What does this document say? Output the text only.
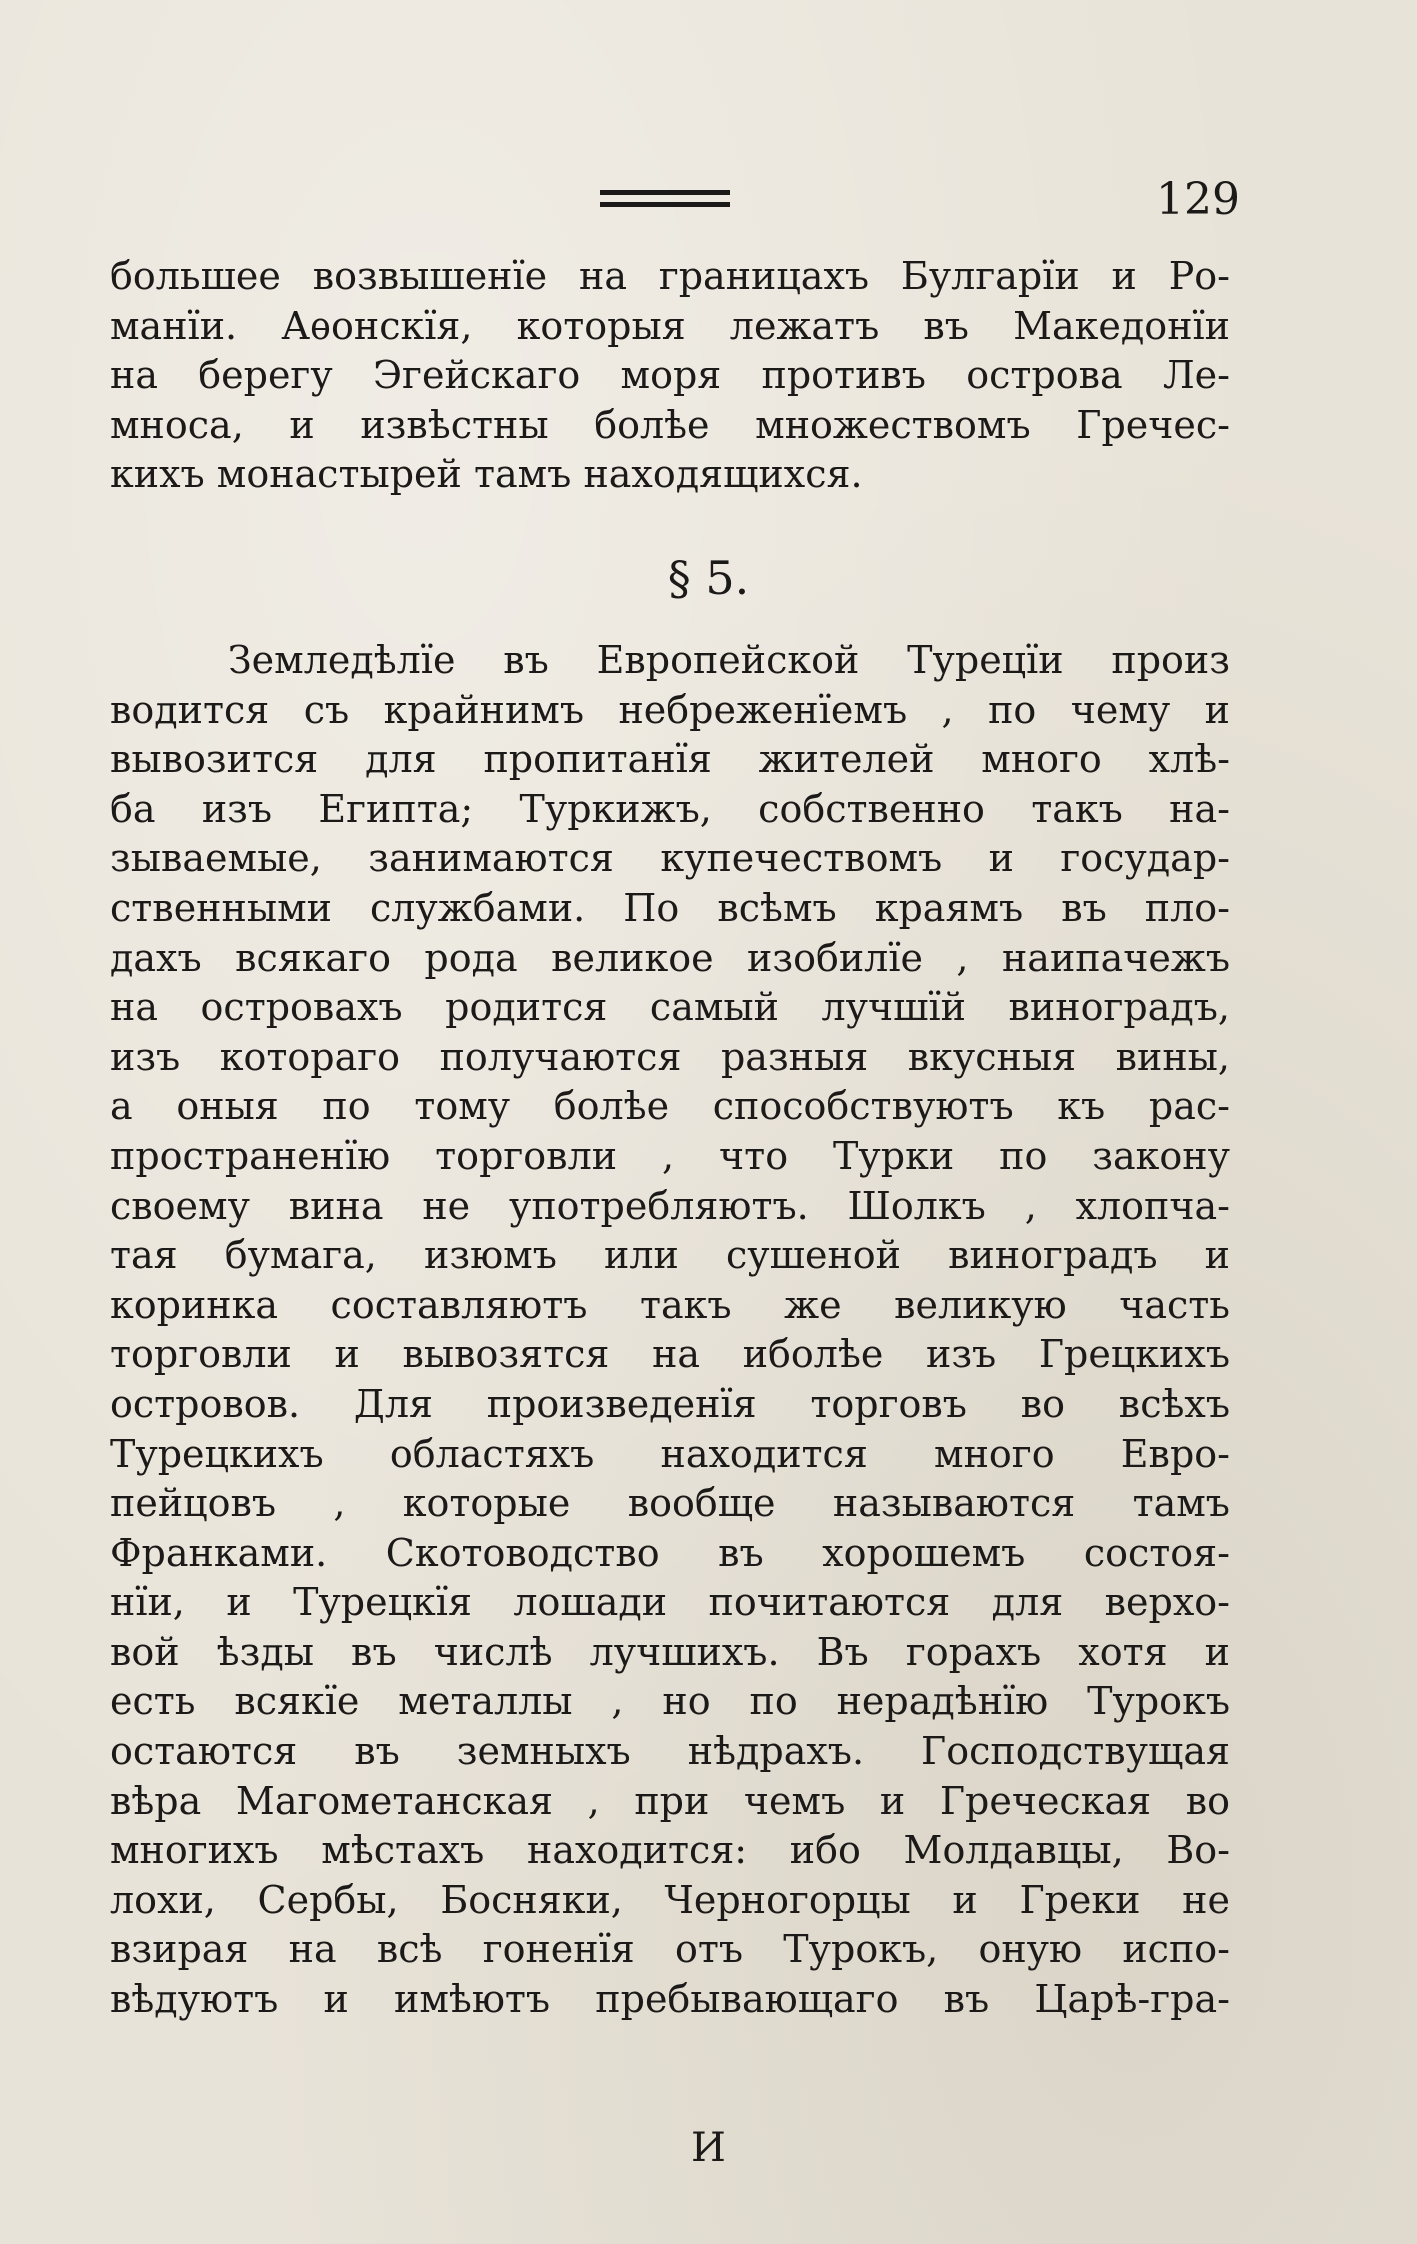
129
большее возвышенїе на границахъ Булгарїи и Ро-
манїи. Аѳонскїя, которыя лежатъ въ Македонїи
на берегу Эгейскаго моря противъ острова Ле-
мноса, и извѣстны болѣе множествомъ Гречес-
кихъ монастырей тамъ находящихся.
§ 5.
Земледѣлїе въ Европейской Турецїи произ
водится съ крайнимъ небреженїемъ , по чему и
вывозится для пропитанїя жителей много хлѣ-
ба изъ Египта; Туркижъ, собственно такъ на-
зываемые, занимаются купечествомъ и государ-
ственными службами. По всѣмъ краямъ въ пло-
дахъ всякаго рода великое изобилїе , наипачежъ
на островахъ родится самый лучшїй виноградъ,
изъ котораго получаются разныя вкусныя вины,
а оныя по тому болѣе способствуютъ къ рас-
пространенїю торговли , что Турки по закону
своему вина не употребляютъ. Шолкъ , хлопча-
тая бумага, изюмъ или сушеной виноградъ и
коринка составляютъ такъ же великую часть
торговли и вывозятся на иболѣе изъ Грецкихъ
островов. Для произведенїя торговъ во всѣхъ
Турецкихъ областяхъ находится много Евро-
пейцовъ , которые вообще называются тамъ
Франками. Скотоводство въ хорошемъ состоя-
нїи, и Турецкїя лошади почитаются для верхо-
вой ѣзды въ числѣ лучшихъ. Въ горахъ хотя и
есть всякїе металлы , но по нерадѣнїю Турокъ
остаются въ земныхъ нѣдрахъ. Господствущая
вѣра Магометанская , при чемъ и Греческая во
многихъ мѣстахъ находится: ибо Молдавцы, Во-
лохи, Сербы, Босняки, Черногорцы и Греки не
взирая на всѣ гоненїя отъ Турокъ, оную испо-
вѣдуютъ и имѣютъ пребывающаго въ Царѣ-гра-
И
